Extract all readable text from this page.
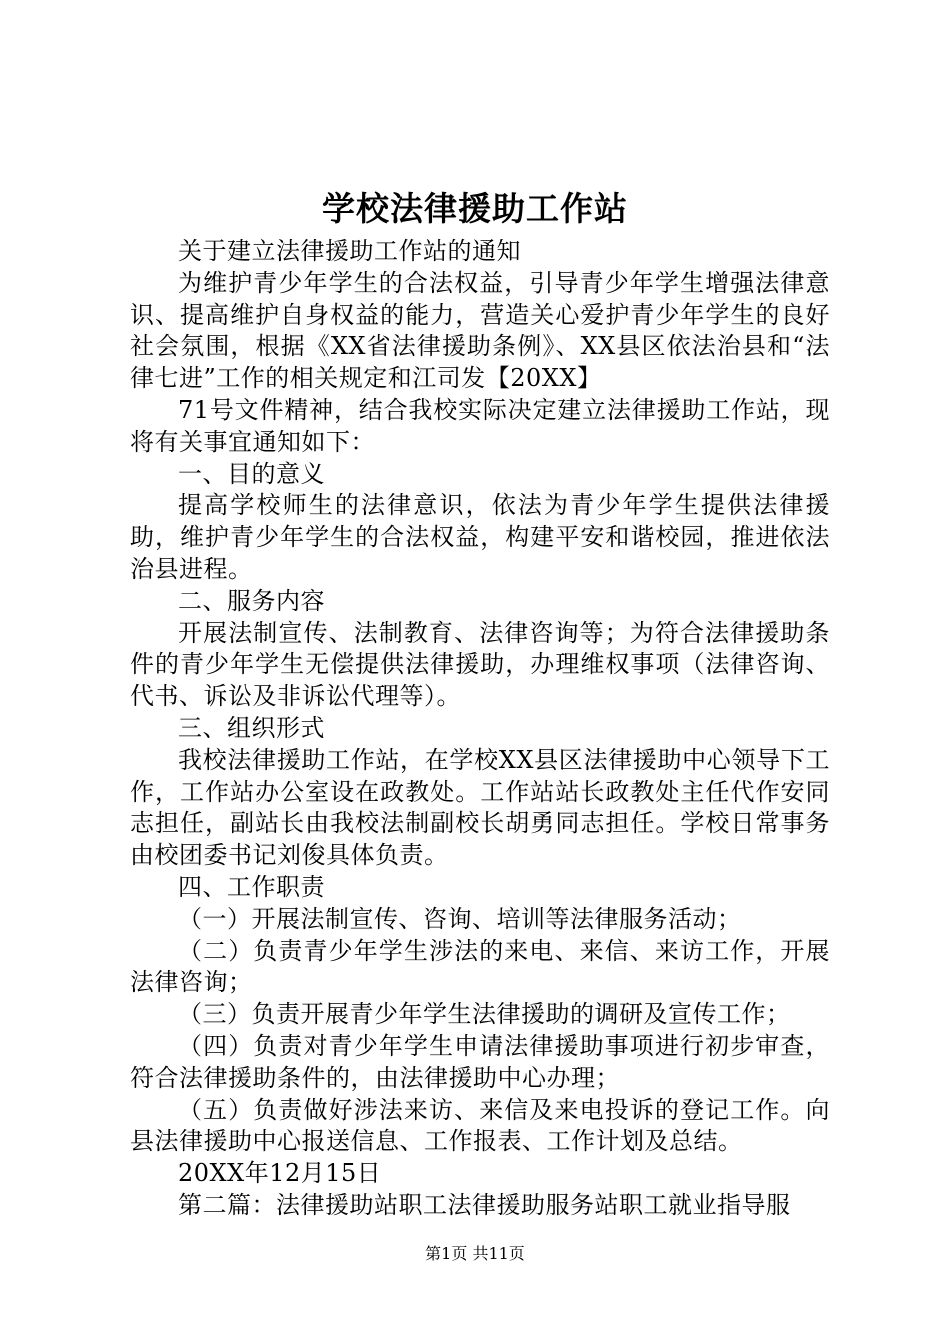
学校法律援助工作站

关于建立法律援助工作站的通知

为维护青少年学生的合法权益，引导青少年学生增强法律意识、提高维护自身权益的能力，营造关心爱护青少年学生的良好社会氛围，根据《XX省法律援助条例》、XX县区依法治县和“法律七进”工作的相关规定和江司发【20XX】

71号文件精神，结合我校实际决定建立法律援助工作站，现将有关事宜通知如下：

一、目的意义

提高学校师生的法律意识，依法为青少年学生提供法律援助，维护青少年学生的合法权益，构建平安和谐校园，推进依法治县进程。

二、服务内容

开展法制宣传、法制教育、法律咨询等；为符合法律援助条件的青少年学生无偿提供法律援助，办理维权事项（法律咨询、代书、诉讼及非诉讼代理等）。

三、组织形式

我校法律援助工作站，在学校XX县区法律援助中心领导下工作，工作站办公室设在政教处。工作站站长政教处主任代作安同志担任，副站长由我校法制副校长胡勇同志担任。学校日常事务由校团委书记刘俊具体负责。

四、工作职责

（一）开展法制宣传、咨询、培训等法律服务活动；

（二）负责青少年学生涉法的来电、来信、来访工作，开展法律咨询；

（三）负责开展青少年学生法律援助的调研及宣传工作；

（四）负责对青少年学生申请法律援助事项进行初步审查，符合法律援助条件的，由法律援助中心办理；

（五）负责做好涉法来访、来信及来电投诉的登记工作。向县法律援助中心报送信息、工作报表、工作计划及总结。

20XX年12月15日

第二篇：法律援助站职工法律援助服务站职工就业指导服

第1页 共11页
